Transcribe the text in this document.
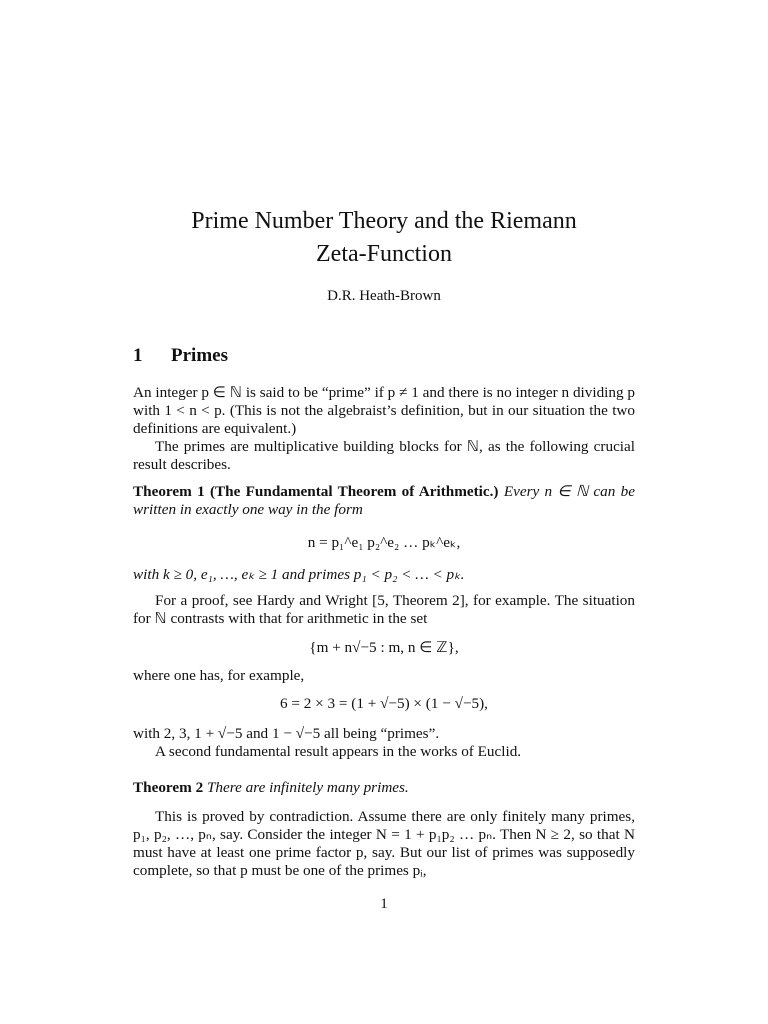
Prime Number Theory and the Riemann
Zeta-Function
D.R. Heath-Brown
1 Primes

An integer p ∈ ℕ is said to be “prime” if p ≠ 1 and there is no integer n dividing p with 1 < n < p. (This is not the algebraist’s definition, but in our situation the two definitions are equivalent.)

The primes are multiplicative building blocks for ℕ, as the following crucial result describes.

Theorem 1 (The Fundamental Theorem of Arithmetic.) Every n ∈ ℕ can be written in exactly one way in the form

n = p₁^e₁ p₂^e₂ … pₖ^eₖ,

with k ≥ 0, e₁, …, eₖ ≥ 1 and primes p₁ < p₂ < … < pₖ.

For a proof, see Hardy and Wright [5, Theorem 2], for example. The situation for ℕ contrasts with that for arithmetic in the set

{m + n√−5 : m, n ∈ ℤ},

where one has, for example,

6 = 2 × 3 = (1 + √−5) × (1 − √−5),

with 2, 3, 1 + √−5 and 1 − √−5 all being “primes”.

A second fundamental result appears in the works of Euclid.

Theorem 2 There are infinitely many primes.

This is proved by contradiction. Assume there are only finitely many primes, p₁, p₂, …, pₙ, say. Consider the integer N = 1 + p₁p₂ … pₙ. Then N ≥ 2, so that N must have at least one prime factor p, say. But our list of primes was supposedly complete, so that p must be one of the primes pᵢ,

1
